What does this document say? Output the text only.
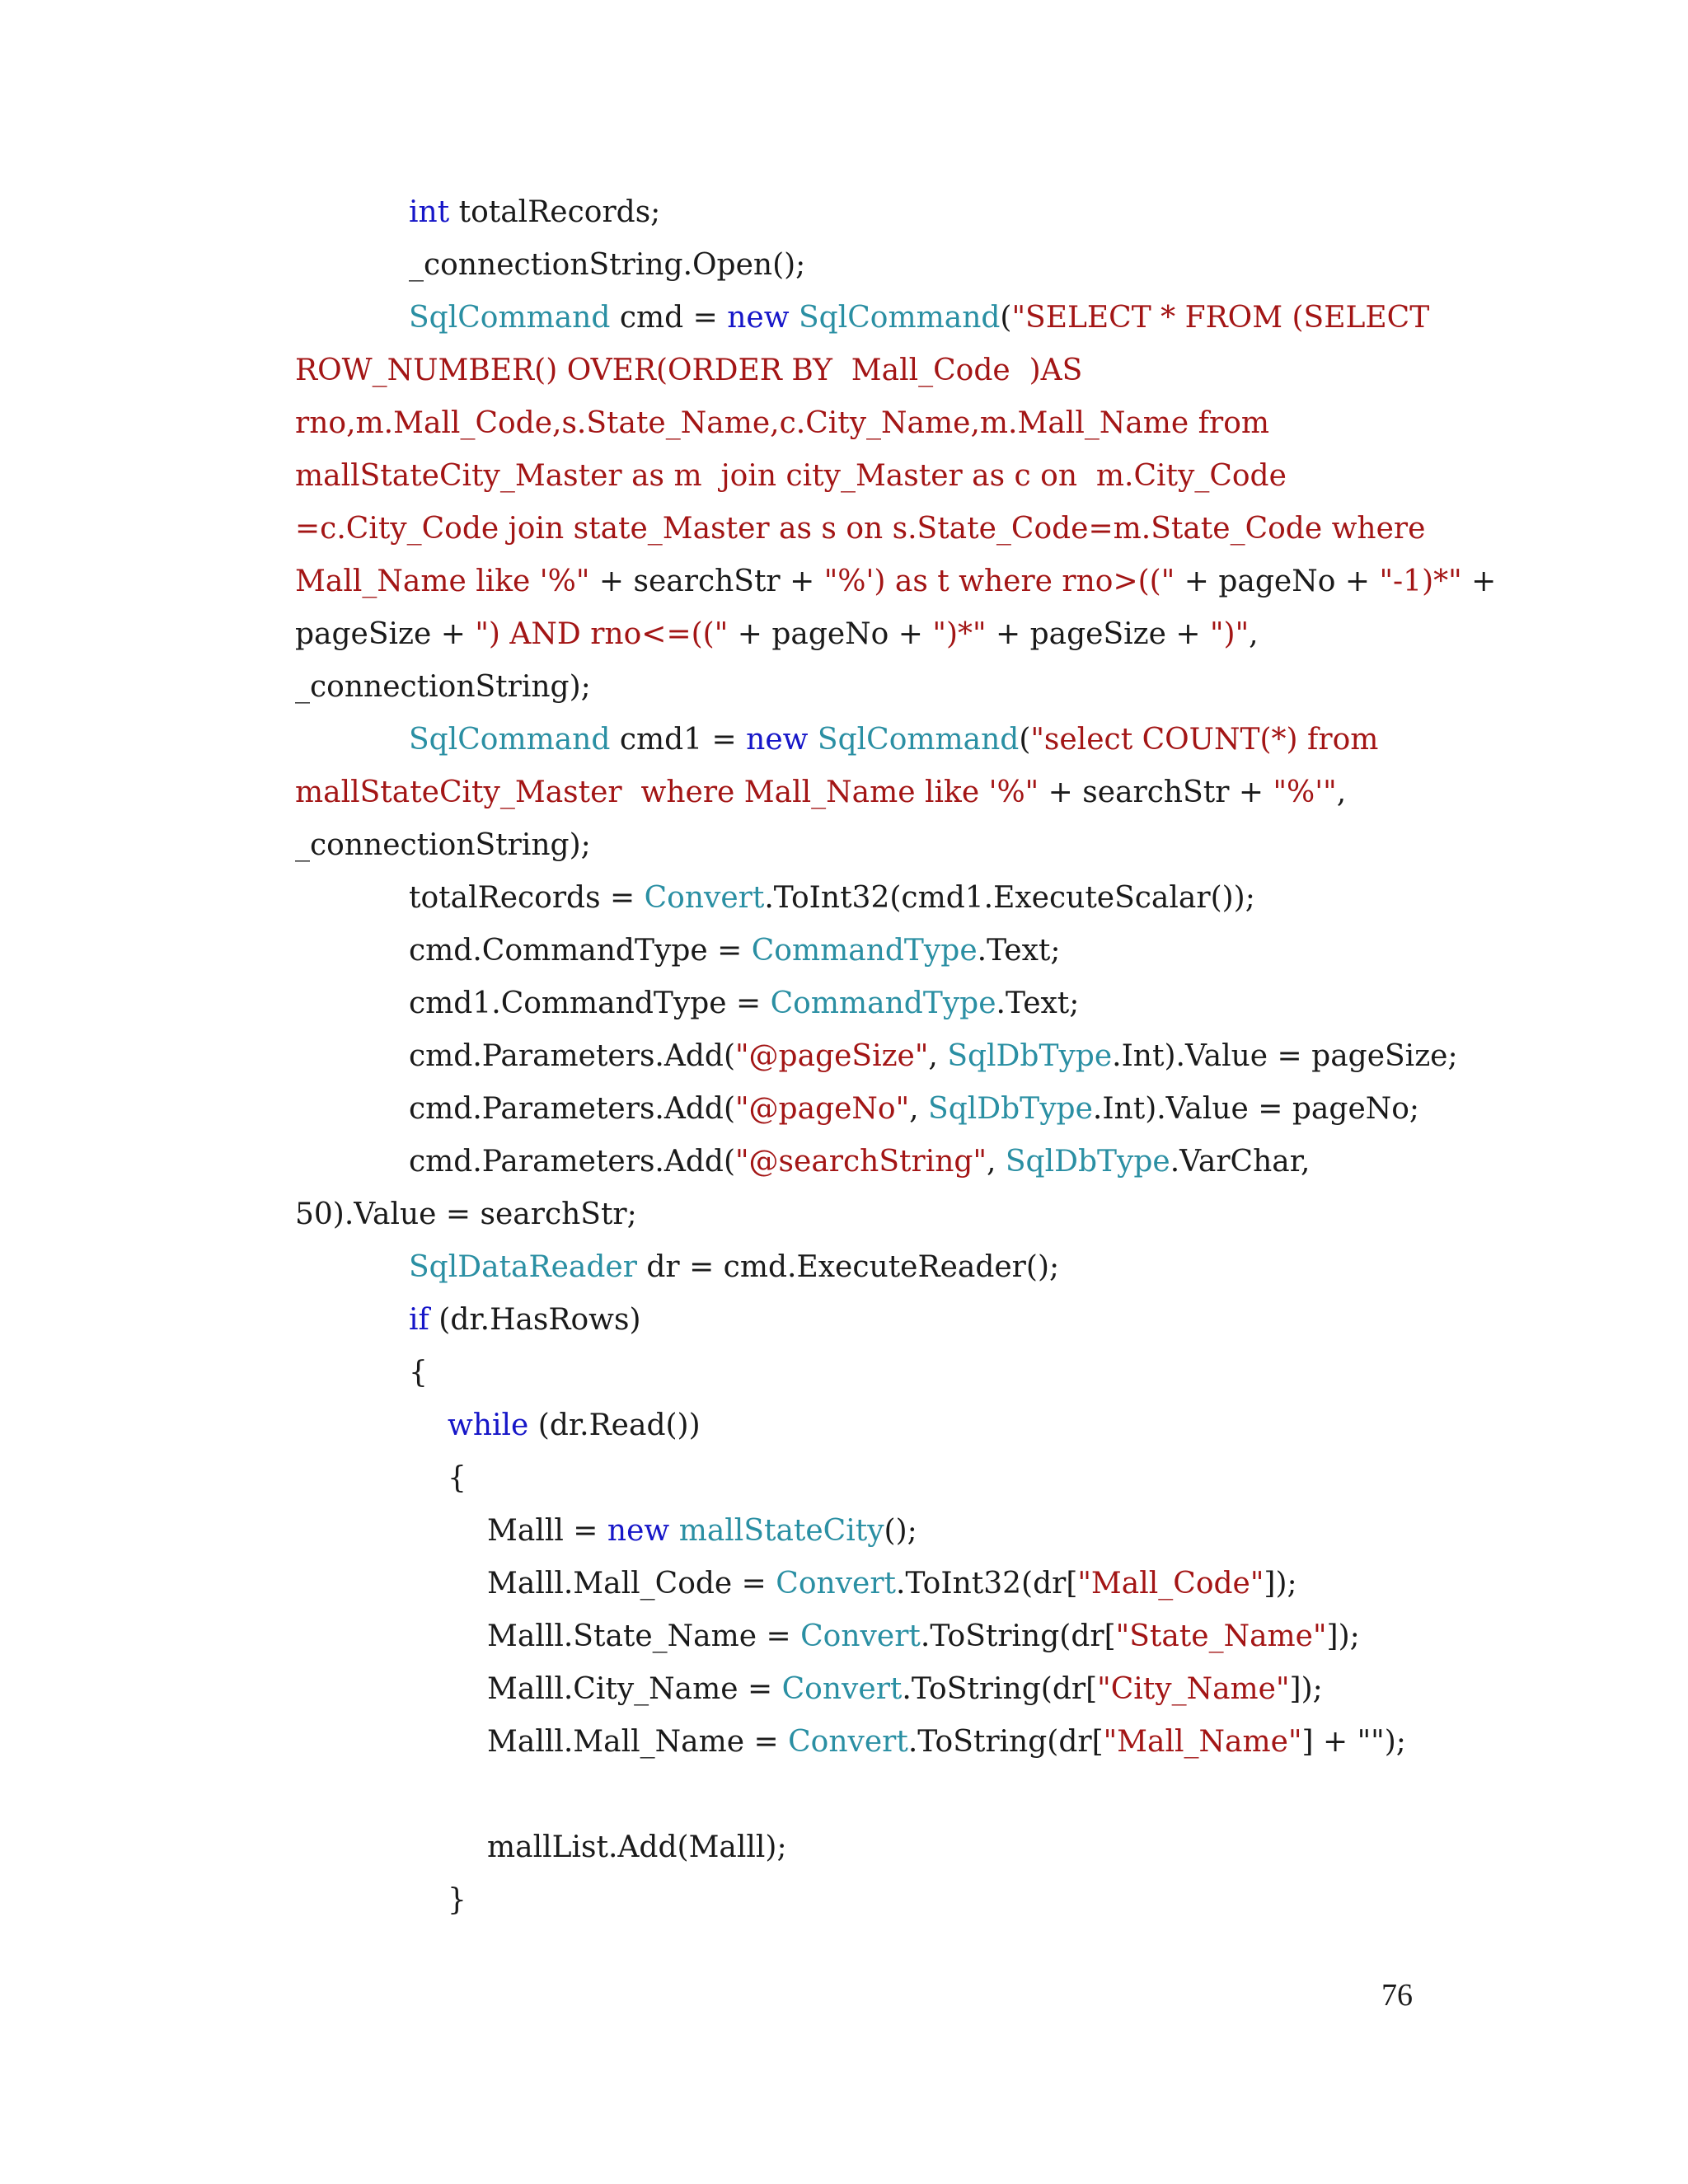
int totalRecords;
_connectionString.Open();
SqlCommand cmd = new SqlCommand("SELECT * FROM (SELECT
ROW_NUMBER() OVER(ORDER BY  Mall_Code  )AS
rno,m.Mall_Code,s.State_Name,c.City_Name,m.Mall_Name from
mallStateCity_Master as m  join city_Master as c on  m.City_Code
=c.City_Code join state_Master as s on s.State_Code=m.State_Code where
Mall_Name like '%" + searchStr + "%') as t where rno>((" + pageNo + "-1)*" +
pageSize + ") AND rno<=((" + pageNo + ")*" + pageSize + ")",
_connectionString);
SqlCommand cmd1 = new SqlCommand("select COUNT(*) from
mallStateCity_Master  where Mall_Name like '%" + searchStr + "%'",
_connectionString);
totalRecords = Convert.ToInt32(cmd1.ExecuteScalar());
cmd.CommandType = CommandType.Text;
cmd1.CommandType = CommandType.Text;
cmd.Parameters.Add("@pageSize", SqlDbType.Int).Value = pageSize;
cmd.Parameters.Add("@pageNo", SqlDbType.Int).Value = pageNo;
cmd.Parameters.Add("@searchString", SqlDbType.VarChar,
50).Value = searchStr;
SqlDataReader dr = cmd.ExecuteReader();
if (dr.HasRows)
{
while (dr.Read())
{
Malll = new mallStateCity();
Malll.Mall_Code = Convert.ToInt32(dr["Mall_Code"]);
Malll.State_Name = Convert.ToString(dr["State_Name"]);
Malll.City_Name = Convert.ToString(dr["City_Name"]);
Malll.Mall_Name = Convert.ToString(dr["Mall_Name"] + "");
mallList.Add(Malll);
}
76
